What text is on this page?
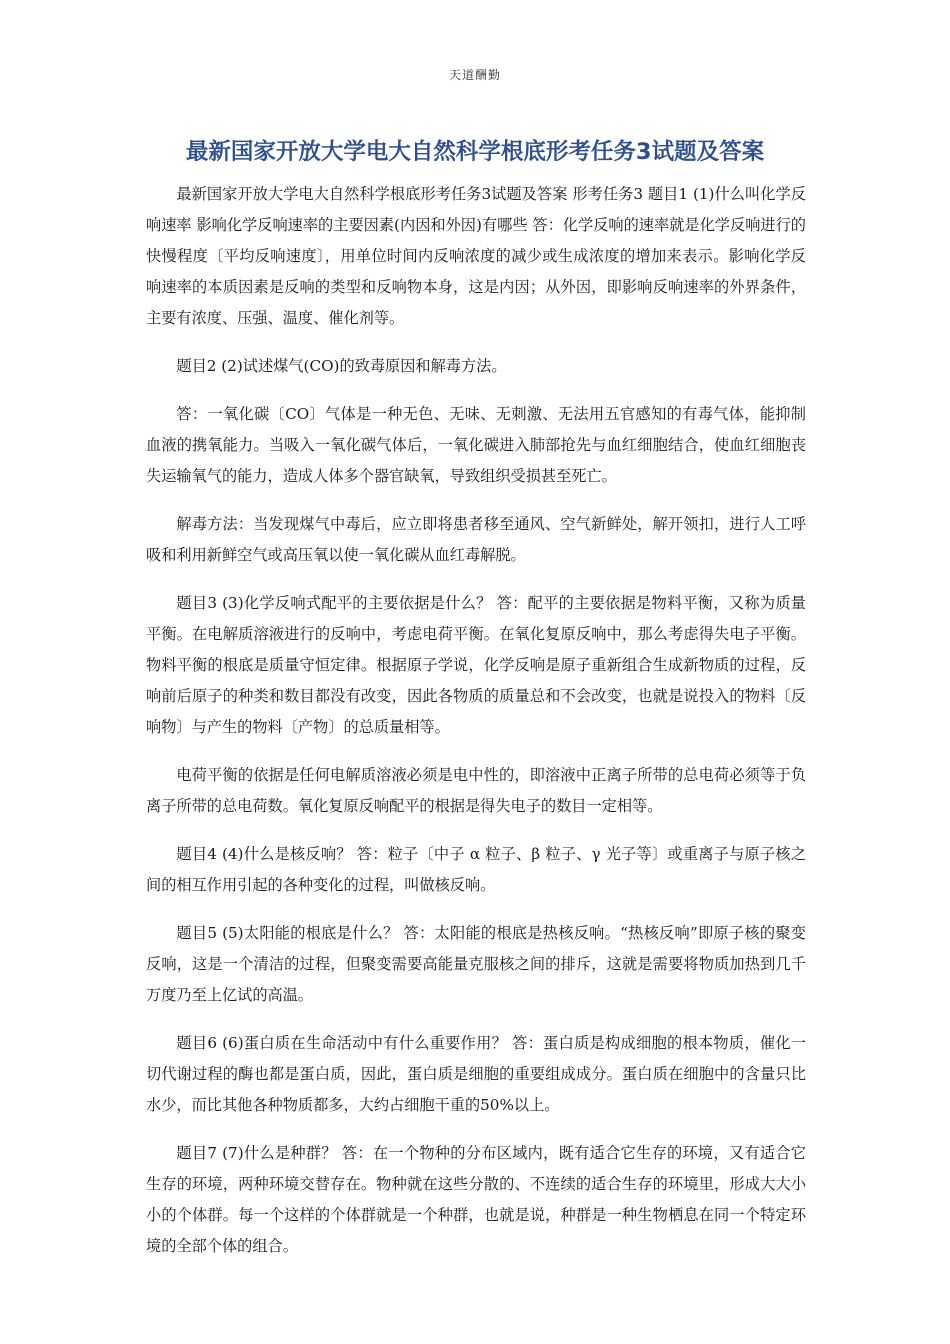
天道酬勤
最新国家开放大学电大自然科学根底形考任务3试题及答案

最新国家开放大学电大自然科学根底形考任务3试题及答案 形考任务3 题目1 (1)什么叫化学反响速率 影响化学反响速率的主要因素(内因和外因)有哪些 答：化学反响的速率就是化学反响进行的快慢程度〔平均反响速度〕，用单位时间内反响浓度的减少或生成浓度的增加来表示。影响化学反响速率的本质因素是反响的类型和反响物本身，这是内因；从外因，即影响反响速率的外界条件，主要有浓度、压强、温度、催化剂等。

题目2 (2)试述煤气(CO)的致毒原因和解毒方法。

答：一氧化碳〔CO〕气体是一种无色、无味、无刺激、无法用五官感知的有毒气体，能抑制血液的携氧能力。当吸入一氧化碳气体后，一氧化碳进入肺部抢先与血红细胞结合，使血红细胞丧失运输氧气的能力，造成人体多个器官缺氧，导致组织受损甚至死亡。

解毒方法：当发现煤气中毒后，应立即将患者移至通风、空气新鲜处，解开领扣，进行人工呼吸和利用新鲜空气或高压氧以使一氧化碳从血红毒解脱。

题目3 (3)化学反响式配平的主要依据是什么？ 答：配平的主要依据是物料平衡，又称为质量平衡。在电解质溶液进行的反响中，考虑电荷平衡。在氧化复原反响中，那么考虑得失电子平衡。物料平衡的根底是质量守恒定律。根据原子学说，化学反响是原子重新组合生成新物质的过程，反响前后原子的种类和数目都没有改变，因此各物质的质量总和不会改变，也就是说投入的物料〔反响物〕与产生的物料〔产物〕的总质量相等。

电荷平衡的依据是任何电解质溶液必须是电中性的，即溶液中正离子所带的总电荷必须等于负离子所带的总电荷数。氧化复原反响配平的根据是得失电子的数目一定相等。

题目4 (4)什么是核反响？ 答：粒子〔中子 α 粒子、β 粒子、γ 光子等〕或重离子与原子核之间的相互作用引起的各种变化的过程，叫做核反响。

题目5 (5)太阳能的根底是什么？ 答：太阳能的根底是热核反响。“热核反响”即原子核的聚变反响，这是一个清洁的过程，但聚变需要高能量克服核之间的排斥，这就是需要将物质加热到几千万度乃至上亿试的高温。

题目6 (6)蛋白质在生命活动中有什么重要作用？ 答：蛋白质是构成细胞的根本物质，催化一切代谢过程的酶也都是蛋白质，因此，蛋白质是细胞的重要组成成分。蛋白质在细胞中的含量只比水少，而比其他各种物质都多，大约占细胞干重的50%以上。

题目7 (7)什么是种群？ 答：在一个物种的分布区域内，既有适合它生存的环境，又有适合它生存的环境，两种环境交替存在。物种就在这些分散的、不连续的适合生存的环境里，形成大大小小的个体群。每一个这样的个体群就是一个种群，也就是说，种群是一种生物栖息在同一个特定环境的全部个体的组合。
